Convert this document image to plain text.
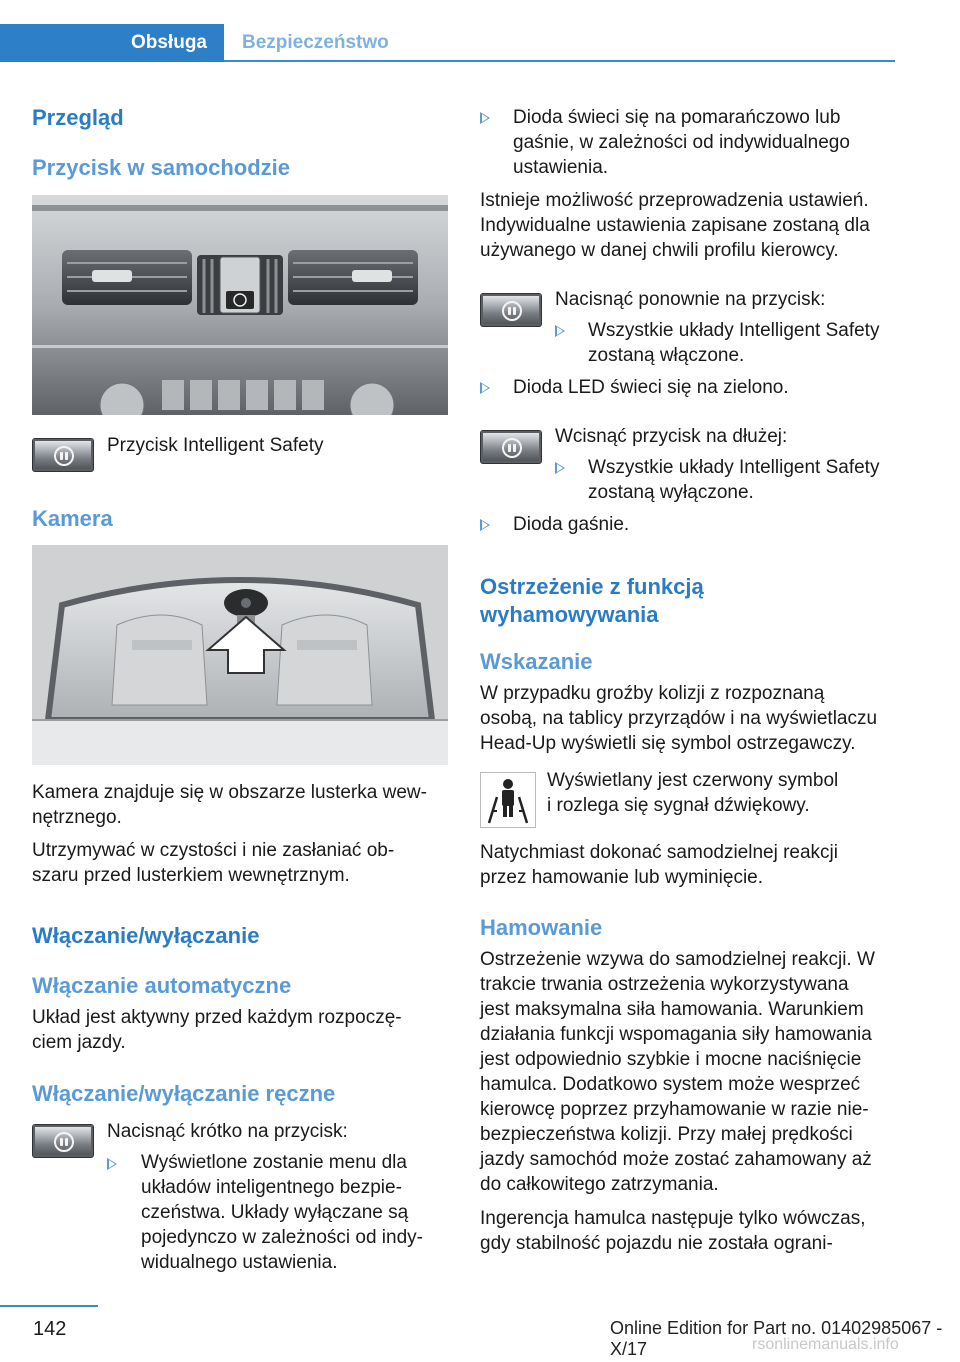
Obsługa	Bezpieczeństwo
Przegląd
Przycisk w samochodzie
Przycisk Intelligent Safety
Kamera
Kamera znajduje się w obszarze lusterka wew-
nętrznego.
Utrzymywać w czystości i nie zasłaniać ob-
szaru przed lusterkiem wewnętrznym.
Włączanie/wyłączanie
Włączanie automatyczne
Układ jest aktywny przed każdym rozpoczę-
ciem jazdy.
Włączanie/wyłączanie ręczne
Nacisnąć krótko na przycisk:
Wyświetlone zostanie menu dla
układów inteligentnego bezpie-
czeństwa. Układy wyłączane są
pojedynczo w zależności od indy-
widualnego ustawienia.
Dioda świeci się na pomarańczowo lub
gaśnie, w zależności od indywidualnego
ustawienia.
Istnieje możliwość przeprowadzenia ustawień.
Indywidualne ustawienia zapisane zostaną dla
używanego w danej chwili profilu kierowcy.
Nacisnąć ponownie na przycisk:
Wszystkie układy Intelligent Safety
zostaną włączone.
Dioda LED świeci się na zielono.
Wcisnąć przycisk na dłużej:
Wszystkie układy Intelligent Safety
zostaną wyłączone.
Dioda gaśnie.
Ostrzeżenie z funkcją
wyhamowywania
Wskazanie
W przypadku groźby kolizji z rozpoznaną
osobą, na tablicy przyrządów i na wyświetlaczu
Head-Up wyświetli się symbol ostrzegawczy.
Wyświetlany jest czerwony symbol
i rozlega się sygnał dźwiękowy.
Natychmiast dokonać samodzielnej reakcji
przez hamowanie lub wyminięcie.
Hamowanie
Ostrzeżenie wzywa do samodzielnej reakcji. W
trakcie trwania ostrzeżenia wykorzystywana
jest maksymalna siła hamowania. Warunkiem
działania funkcji wspomagania siły hamowania
jest odpowiednio szybkie i mocne naciśnięcie
hamulca. Dodatkowo system może wesprzeć
kierowcę poprzez przyhamowanie w razie nie-
bezpieczeństwa kolizji. Przy małej prędkości
jazdy samochód może zostać zahamowany aż
do całkowitego zatrzymania.
Ingerencja hamulca następuje tylko wówczas,
gdy stabilność pojazdu nie została ograni-
142	Online Edition for Part no. 01402985067 - X/17	rsonlinemanuals.info
